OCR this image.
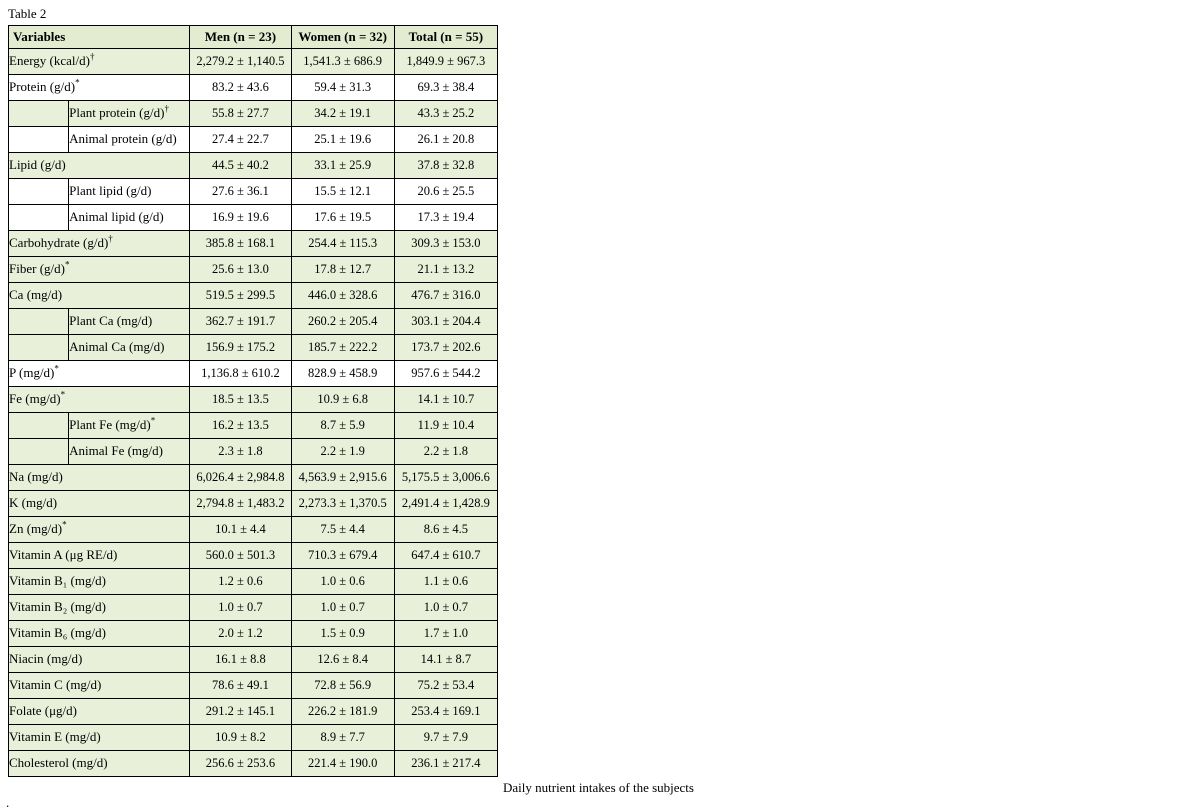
Table 2
Variables		Men (n = 23)	Women (n = 32)	Total (n = 55)
Energy (kcal/d)†		2,279.2 ± 1,140.5	1,541.3 ± 686.9	1,849.9 ± 967.3
Protein (g/d)*		83.2 ± 43.6	59.4 ± 31.3	69.3 ± 38.4
	Plant protein (g/d)†	55.8 ± 27.7	34.2 ± 19.1	43.3 ± 25.2
	Animal protein (g/d)	27.4 ± 22.7	25.1 ± 19.6	26.1 ± 20.8
Lipid (g/d)		44.5 ± 40.2	33.1 ± 25.9	37.8 ± 32.8
	Plant lipid (g/d)	27.6 ± 36.1	15.5 ± 12.1	20.6 ± 25.5
	Animal lipid (g/d)	16.9 ± 19.6	17.6 ± 19.5	17.3 ± 19.4
Carbohydrate (g/d)†		385.8 ± 168.1	254.4 ± 115.3	309.3 ± 153.0
Fiber (g/d)*		25.6 ± 13.0	17.8 ± 12.7	21.1 ± 13.2
Ca (mg/d)		519.5 ± 299.5	446.0 ± 328.6	476.7 ± 316.0
	Plant Ca (mg/d)	362.7 ± 191.7	260.2 ± 205.4	303.1 ± 204.4
	Animal Ca (mg/d)	156.9 ± 175.2	185.7 ± 222.2	173.7 ± 202.6
P (mg/d)*		1,136.8 ± 610.2	828.9 ± 458.9	957.6 ± 544.2
Fe (mg/d)*		18.5 ± 13.5	10.9 ± 6.8	14.1 ± 10.7
	Plant Fe (mg/d)*	16.2 ± 13.5	8.7 ± 5.9	11.9 ± 10.4
	Animal Fe (mg/d)	2.3 ± 1.8	2.2 ± 1.9	2.2 ± 1.8
Na (mg/d)		6,026.4 ± 2,984.8	4,563.9 ± 2,915.6	5,175.5 ± 3,006.6
K (mg/d)		2,794.8 ± 1,483.2	2,273.3 ± 1,370.5	2,491.4 ± 1,428.9
Zn (mg/d)*		10.1 ± 4.4	7.5 ± 4.4	8.6 ± 4.5
Vitamin A (μg RE/d)		560.0 ± 501.3	710.3 ± 679.4	647.4 ± 610.7
Vitamin B₁ (mg/d)		1.2 ± 0.6	1.0 ± 0.6	1.1 ± 0.6
Vitamin B₂ (mg/d)		1.0 ± 0.7	1.0 ± 0.7	1.0 ± 0.7
Vitamin B₆ (mg/d)		2.0 ± 1.2	1.5 ± 0.9	1.7 ± 1.0
Niacin (mg/d)		16.1 ± 8.8	12.6 ± 8.4	14.1 ± 8.7
Vitamin C (mg/d)		78.6 ± 49.1	72.8 ± 56.9	75.2 ± 53.4
Folate (μg/d)		291.2 ± 145.1	226.2 ± 181.9	253.4 ± 169.1
Vitamin E (mg/d)		10.9 ± 8.2	8.9 ± 7.7	9.7 ± 7.9
Cholesterol (mg/d)		256.6 ± 253.6	221.4 ± 190.0	236.1 ± 217.4
Daily nutrient intakes of the subjects
.
